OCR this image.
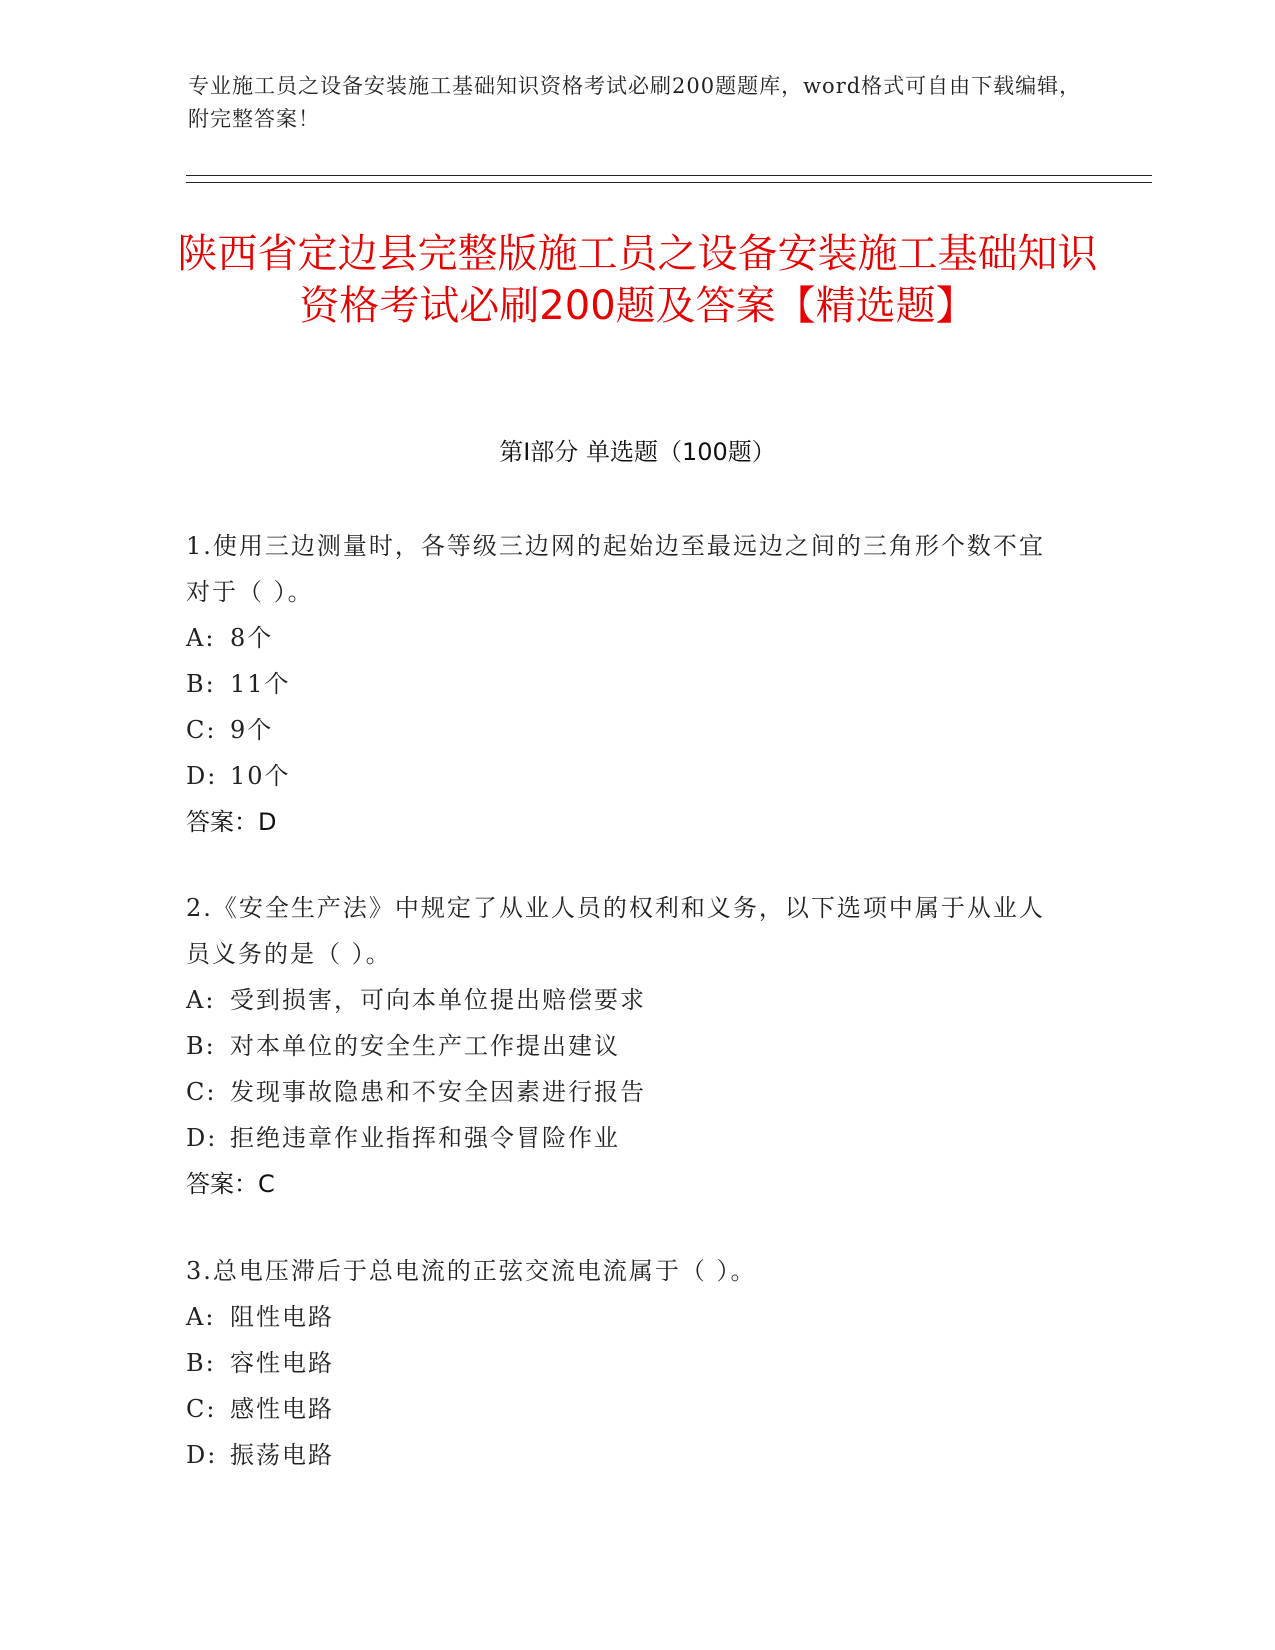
专业施工员之设备安装施工基础知识资格考试必刷200题题库，word格式可自由下载编辑，附完整答案！
陕西省定边县完整版施工员之设备安装施工基础知识资格考试必刷200题及答案【精选题】
第I部分 单选题（100题）

1.使用三边测量时，各等级三边网的起始边至最远边之间的三角形个数不宜对于（ ）。

A: 8个
B: 11个
C: 9个
D: 10个

答案：D

2.《安全生产法》中规定了从业人员的权利和义务，以下选项中属于从业人员义务的是（ ）。

A: 受到损害，可向本单位提出赔偿要求
B: 对本单位的安全生产工作提出建议
C: 发现事故隐患和不安全因素进行报告
D: 拒绝违章作业指挥和强令冒险作业

答案：C

3.总电压滞后于总电流的正弦交流电流属于（ ）。

A: 阻性电路
B: 容性电路
C: 感性电路
D: 振荡电路
